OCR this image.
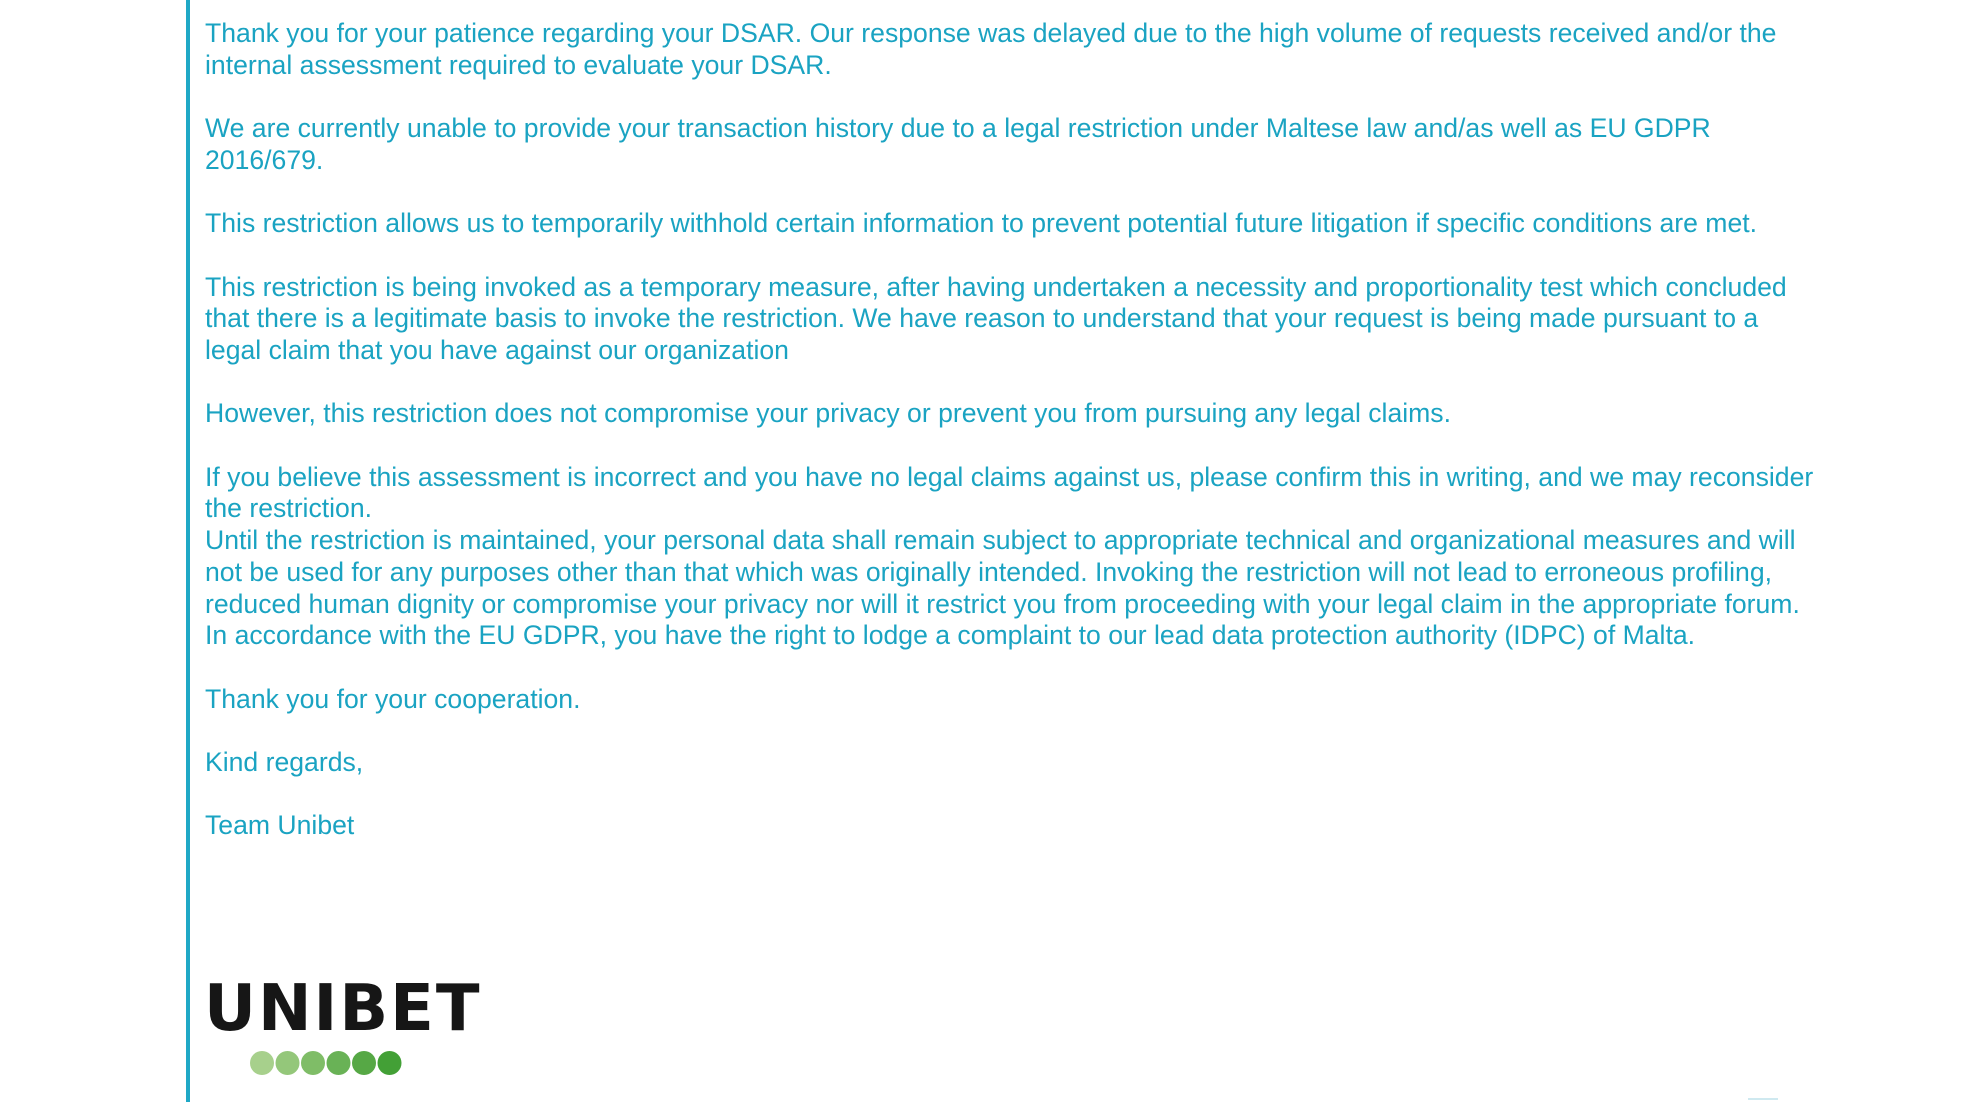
Thank you for your patience regarding your DSAR. Our response was delayed due to the high volume of requests received and/or the internal assessment required to evaluate your DSAR.

We are currently unable to provide your transaction history due to a legal restriction under Maltese law and/as well as EU GDPR 2016/679.

This restriction allows us to temporarily withhold certain information to prevent potential future litigation if specific conditions are met.

This restriction is being invoked as a temporary measure, after having undertaken a necessity and proportionality test which concluded that there is a legitimate basis to invoke the restriction. We have reason to understand that your request is being made pursuant to a legal claim that you have against our organization

However, this restriction does not compromise your privacy or prevent you from pursuing any legal claims.

If you believe this assessment is incorrect and you have no legal claims against us, please confirm this in writing, and we may reconsider the restriction.

Until the restriction is maintained, your personal data shall remain subject to appropriate technical and organizational measures and will not be used for any purposes other than that which was originally intended. Invoking the restriction will not lead to erroneous profiling, reduced human dignity or compromise your privacy nor will it restrict you from proceeding with your legal claim in the appropriate forum.

In accordance with the EU GDPR, you have the right to lodge a complaint to our lead data protection authority (IDPC) of Malta.

Thank you for your cooperation.

Kind regards,

Team Unibet

UNIBET
